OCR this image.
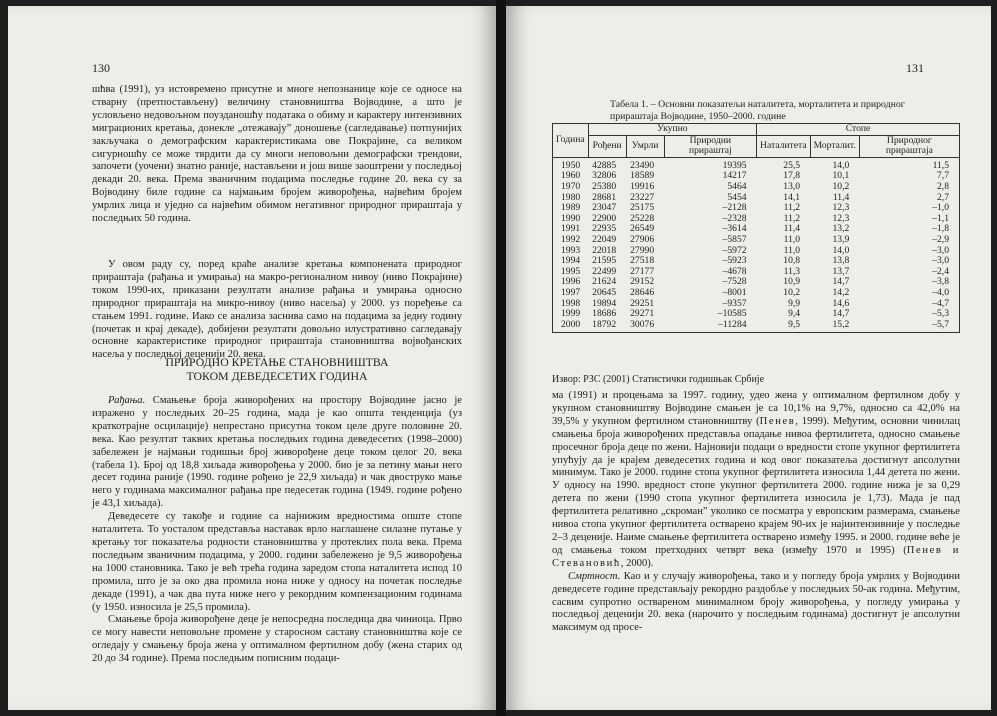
130

шћва (1991), уз истовремено присутне и многе непознанице које се односе на стварну (претпостављену) величину становништва Војводине, а што је условљено недовољном поузданошћу података о обиму и карактеру интензивних миграционих кретања, донекле „отежавају” доношење (сагледавање) потпунијих закључака о демографским карактеристикама ове Покрајине, са великом сигурношћу се може тврдити да су многи неповољни демографски трендови, започети (уочени) знатно раније, настављени и још више заоштрени у последњој декади 20. века. Према званичним подацима последње године 20. века су за Војводину биле године са најмањим бројем живорођења, највећим бројем умрлих лица и уједно са највећим обимом негативног природног прираштаја у последњих 50 година.

У овом раду су, поред краће анализе кретања компонената природног прираштаја (рађања и умирања) на макро-регионалном нивоу (ниво Покрајине) током 1990-их, приказани резултати анализе рађања и умирања односно природног прираштаја на микро-нивоу (ниво насеља) у 2000. уз поређење са стањем 1991. године. Иако се анализа заснива само на подацима за једну годину (почетак и крај декаде), добијени резултати довољно илустративно сагледавају основне карактеристике природног прираштаја становништва војвођанских насеља у последњој деценији 20. века.

ПРИРОДНО КРЕТАЊЕ СТАНОВНИШТВА
ТОКОМ ДЕВЕДЕСЕТИХ ГОДИНА

Рађања. Смањење броја живорођених на простору Војводине јасно је изражено у последњих 20–25 година, мада је као општа тенденција (уз краткотрајне осцилације) непрестано присутна током целе друге половине 20. века. Као резултат таквих кретања последњих година деведесетих (1998–2000) забележен је најмањи годишњи број живорођене деце током целог 20. века (табела 1). Број од 18,8 хиљада живорођења у 2000. био је за петину мањи него десет година раније (1990. године рођено је 22,9 хиљада) и чак двоструко мање него у годинама максималног рађања пре педесетак година (1949. године рођено је 43,1 хиљада).

Деведесете су такође и године са најнижим вредностима опште стопе наталитета. То уосталом представља наставак врло наглашене силазне путање у кретању тог показатеља родности становништва у протеклих пола века. Према последњим званичним подацима, у 2000. години забележено је 9,5 живорођења на 1000 становника. Тако је већ трећа година заредом стопа наталитета испод 10 промила, што је за око два промила нона нижe у односу на почетак последње декаде (1991), а чак два пута ниже него у рекордним компензационим годинама (у 1950. износила је 25,5 промила).

Смањење броја живорођене деце је непосредна последица два чиниоца. Прво се могу навести неповољне промене у старосном саставу становништва које се огледају у смањењу броја жена у оптималном фертилном добу (жена старих од 20 до 34 године). Према последњим пописним подаци-

131
Табела 1. – Основни показатељи наталитета, морталитета и природног прираштаја Војводине, 1950–2000. године
Година	Укупно			Стопе		
	Рођени	Умрли	Природни прираштај	Наталитета	Морталит.	Природног прираштаја
1950	42885	23490	19395	25,5	14,0	11,5
1960	32806	18589	14217	17,8	10,1	7,7
1970	25380	19916	5464	13,0	10,2	2,8
1980	28681	23227	5454	14,1	11,4	2,7
1989	23047	25175	–2128	11,2	12,3	–1,0
1990	22900	25228	–2328	11,2	12,3	–1,1
1991	22935	26549	–3614	11,4	13,2	–1,8
1992	22049	27906	–5857	11,0	13,9	–2,9
1993	22018	27990	–5972	11,0	14,0	–3,0
1994	21595	27518	–5923	10,8	13,8	–3,0
1995	22499	27177	–4678	11,3	13,7	–2,4
1996	21624	29152	–7528	10,9	14,7	–3,8
1997	20645	28646	–8001	10,2	14,2	–4,0
1998	19894	29251	–9357	9,9	14,6	–4,7
1999	18686	29271	–10585	9,4	14,7	–5,3
2000	18792	30076	–11284	9,5	15,2	–5,7
Извор: РЗС (2001) Статистички годишњак Србије

ма (1991) и процењама за 1997. годину, удео жена у оптималном фертилном добу у укупном становништву Војводине смањен је са 10,1% на 9,7%, односно са 42,0% на 39,5% у укупном фертилном становништву (Пенев, 1999). Међутим, основни чинилац смањења броја живорођених представља опадање нивоа фертилитета, односно смањење просечног броја деце по жени. Најновији подаци о вредности стопе укупног фертилитета упућују да је крајем деведесетих година и код овог показатеља достигнут апсолутни минимум. Тако је 2000. године стопа укупног фертилитета износила 1,44 детета по жени. У односу на 1990. вредност стопе укупног фертилитета 2000. године нижа је за 0,29 детета по жени (1990 стопа укупног фертилитета износила је 1,73). Мада је пад фертилитета релативно „скроман” уколико се посматра у европским размерама, смањење нивоа стопа укупног фертилитета остварено крајем 90-их је најинтензивније у последње 2–3 деценије. Наиме смањење фертилитета остварено између 1995. и 2000. године веће је од смањења током претходних четврт века (између 1970 и 1995) (Пенев и Стевановић, 2000).

Смртност. Као и у случају живорођења, тако и у погледу броја умрлих у Војводини деведесете године представљају рекордно раздобље у последњих 50-ак година. Међутим, сасвим супротно оствареном минималном броју живорођења, у погледу умирања у последњој деценији 20. века (нарочито у последњим годинама) достигнут је апсолутни максимум од просе-
